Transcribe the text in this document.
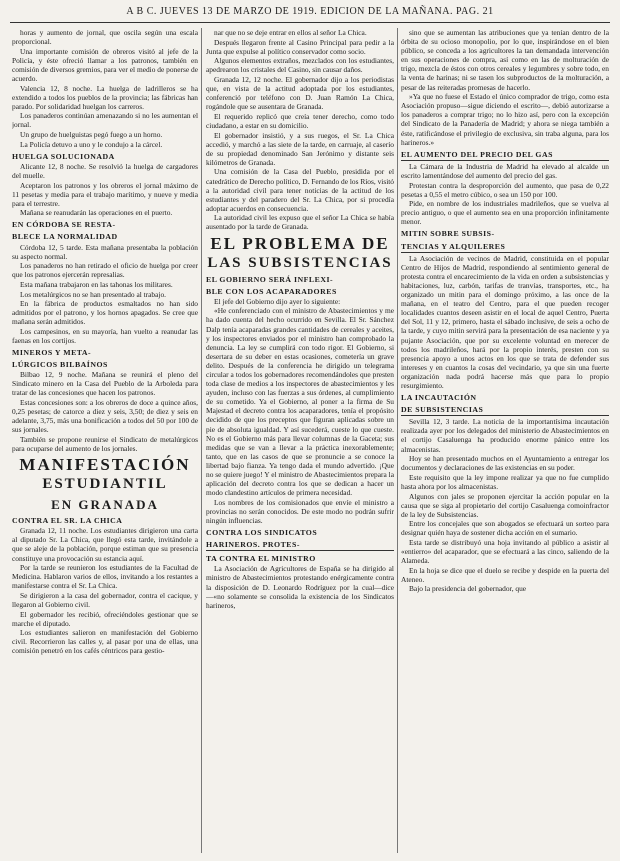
A B C. JUEVES 13 DE MARZO DE 1919. EDICION DE LA MAÑANA. PAG. 21

horas y aumento de jornal, que oscila según una escala proporcional.

Una importante comisión de obreros visitó al jefe de la Policía, y éste ofreció llamar a los patronos, también en comisión de diversos gremios, para ver el medio de ponerse de acuerdo.

Valencia 12, 8 noche. La huelga de ladrilleros se ha extendido a todos los pueblos de la provincia; las fábricas han parado. Por solidaridad huelgan los carreros.

Los panaderos continúan amenazando si no les aumentan el jornal.

Un grupo de huelguistas pegó fuego a un horno.

La Policía detuvo a uno y le condujo a la cárcel.

HUELGA SOLUCIONADA

Alicante 12, 8 noche. Se resolvió la huelga de cargadores del muelle.

Aceptaron los patronos y los obreros el jornal máximo de 11 pesetas y media para el trabajo marítimo, y nueve y media para el terrestre.

Mañana se reanudarán las operaciones en el puerto.

EN CÓRDOBA SE RESTA-

BLECE LA NORMALIDAD

Córdoba 12, 5 tarde. Esta mañana presentaba la población su aspecto normal.

Los panaderos no han retirado el oficio de huelga por creer que los patronos ejercerán represalias.

Esta mañana trabajaron en las tahonas los militares.

Los metalúrgicos no se han presentado al trabajo.

En la fábrica de productos esmaltados no han sido admitidos por el patrono, y los hornos apagados. Se cree que mañana serán admitidos.

Los campesinos, en su mayoría, han vuelto a reanudar las faenas en los cortijos.

MINEROS Y META-

LÚRGICOS BILBAÍNOS

Bilbao 12, 9 noche. Mañana se reunirá el pleno del Sindicato minero en la Casa del Pueblo de la Arboleda para tratar de las concesiones que hacen los patronos.

Estas concesiones son: a los obreros de doce a quince años, 0,25 pesetas; de catorce a diez y seis, 3,50; de diez y seis en adelante, 3,75, más una bonificación a todos del 50 por 100 de sus jornales.

También se propone reunirse el Sindicato de metalúrgicos para ocuparse del aumento de los jornales.

MANIFESTACIÓN

ESTUDIANTIL

EN GRANADA

CONTRA EL SR. LA CHICA

Granada 12, 11 noche. Los estudiantes dirigieron una carta al diputado Sr. La Chica, que llegó esta tarde, invitándole a que se aleje de la población, porque estiman que su presencia constituye una provocación su estancia aquí.

Por la tarde se reunieron los estudiantes de la Facultad de Medicina. Hablaron varios de ellos, invitando a los restantes a manifestarse contra el Sr. La Chica.

Se dirigieron a la casa del gobernador, contra el cacique, y llegaron al Gobierno civil.

El gobernador les recibió, ofreciéndoles gestionar que se marche el diputado.

Los estudiantes salieron en manifestación del Gobierno civil. Recorrieron las calles y, al pasar por una de ellas, una comisión penetró en los cafés céntricos para gestio-

nar que no se deje entrar en ellos al señor La Chica.

Después llegaron frente al Casino Principal para pedir a la Junta que expulse al político conservador como socio.

Algunos elementos extraños, mezclados con los estudiantes, apedrearon los cristales del Casino, sin causar daños.

Granada 12, 12 noche. El gobernador dijo a los periodistas que, en vista de la actitud adoptada por los estudiantes, conferenció por teléfono con D. Juan Ramón La Chica, rogándole que se ausentara de Granada.

El requerido replicó que creía tener derecho, como todo ciudadano, a estar en su domicilio.

El gobernador insistió, y a sus ruegos, el Sr. La Chica accedió, y marchó a las siete de la tarde, en carruaje, al caserío de su propiedad denominado San Jerónimo y distante seis kilómetros de Granada.

Una comisión de la Casa del Pueblo, presidida por el catedrático de Derecho político, D. Fernando de los Ríos, visitó a la autoridad civil para tener noticias de la actitud de los estudiantes y del paradero del Sr. La Chica, por si procedía adoptar acuerdos en consecuencia.

La autoridad civil les expuso que el señor La Chica se había ausentado por la tarde de Granada.

EL PROBLEMA DE

LAS SUBSISTENCIAS

EL GOBIERNO SERÁ INFLEXI-

BLE CON LOS ACAPARADORES

El jefe del Gobierno dijo ayer lo siguiente:

«He conferenciado con el ministro de Abastecimientos y me ha dado cuenta del hecho ocurrido en Sevilla. El Sr. Sánchez Dalp tenía acaparadas grandes cantidades de cereales y aceites, y los inspectores enviados por el ministro han comprobado la denuncia. La ley se cumplirá con todo rigor. El Gobierno, si desertara de su deber en estas ocasiones, cometería un grave delito. Después de la conferencia he dirigido un telegrama circular a todos los gobernadores recomendándoles que presten toda clase de medios a los inspectores de abastecimientos y les ayuden, incluso con las fuerzas a sus órdenes, al cumplimiento de su cometido. Ya el Gobierno, al poner a la firma de Su Majestad el decreto contra los acaparadores, tenía el propósito decidido de que los preceptos que figuran aplicadas sobre un pie de absoluta igualdad. Y así sucederá, cueste lo que cueste. No es el Gobierno más para llevar columnas de la Gaceta; sus medidas que se van a llevar a la práctica inexorablemente; tanto, que en las casos de que se pronuncie a se conoce la libertad bajo fianza. Ya tengo dada el mundo advertido. ¡Que no se quiere juego! Y el ministro de Abastecimientos prepara la aplicación del decreto contra los que se dedican a hacer un modo clandestino artículos de primera necesidad.

Los nombres de los comisionados que envíe el ministro a provincias no serán conocidos. De este modo no podrán sufrir ningún influencias.

CONTRA LOS SINDICATOS

HARINEROS. PROTES-

TA CONTRA EL MINISTRO

La Asociación de Agricultores de España se ha dirigido al ministro de Abastecimientos protestando enérgicamente contra la disposición de D. Leonardo Rodríguez por la cual—dice—«no solamente se consolida la existencia de los Sindicatos harineros,

sino que se aumentan las atribuciones que ya tenían dentro de la órbita de su ocioso monopolio, por lo que, inspirándose en el bien público, se conceda a los agricultores la tan demandada intervención en sus operaciones de compra, así como en las de molturación de trigo, mezcla de éstos con otros cereales y legumbres y sobre todo, en la venta de harinas; ni se tasen los subproductos de la molturación, a pesar de las reiteradas promesas de hacerlo.

»Ya que no fuese el Estado el único comprador de trigo, como esta Asociación propuso—sigue diciendo el escrito—, debió autorizarse a los panaderos a comprar trigo; no lo hizo así, pero con la excepción del Sindicato de la Panadería de Madrid; y ahora se niega también a éste, ratificándose el privilegio de exclusiva, sin traba alguna, para los harineros.»

EL AUMENTO DEL PRECIO DEL GAS

La Cámara de la Industria de Madrid ha elevado al alcalde un escrito lamentándose del aumento del precio del gas.

Protestan contra la desproporción del aumento, que pasa de 0,22 pesetas a 0,55 el metro cúbico, o sea un 150 por 100.

Pide, en nombre de los industriales madrileños, que se vuelva al precio antiguo, o que el aumento sea en una proporción infinitamente menor.

MITIN SOBRE SUBSIS-

TENCIAS Y ALQUILERES

La Asociación de vecinos de Madrid, constituida en el popular Centro de Hijos de Madrid, respondiendo al sentimiento general de protesta contra el encarecimiento de la vida en orden a subsistencias y habitaciones, luz, carbón, tarifas de tranvías, transportes, etc., ha organizado un mitin para el domingo próximo, a las once de la mañana, en el teatro del Centro, para el que pueden recoger localidades cuantos deseen asistir en el local de aquel Centro, Puerta del Sol, 11 y 12, primero, hasta el sábado inclusive, de seis a ocho de la tarde, y cuyo mitin servirá para la presentación de esa naciente y ya pujante Asociación, que por su excelente voluntad en merecer de todos los madrileños, hará por la propio interés, presten con su presencia apoyo a unos actos en los que se trata de defender sus intereses y en cuantos la cosas del vecindario, ya que sin una fuerte organización nada podrá hacerse más que para lo propio resurgimiento.

LA INCAUTACIÓN

DE SUBSISTENCIAS

Sevilla 12, 3 tarde. La noticia de la importantísima incautación realizada ayer por los delegados del ministerio de Abastecimientos en el cortijo Casaluenga ha producido enorme pánico entre los almacenistas.

Hoy se han presentado muchos en el Ayuntamiento a entregar los documentos y declaraciones de las existencias en su poder.

Este requisito que la ley impone realizar ya que no fue cumplido hasta ahora por los almacenistas.

Algunos con jales se proponen ejercitar la acción popular en la causa que se siga al propietario del cortijo Casaluenga comoinfractor de la ley de Subsistencias.

Entre los concejales que son abogados se efectuará un sorteo para designar quién haya de sostener dicha acción en el sumario.

Esta tarde se distribuyó una hoja invitando al público a asistir al «entierro» del acaparador, que se efectuará a las cinco, saliendo de la Alameda.

En la hoja se dice que el duelo se recibe y despide en la puerta del Ateneo.

Bajo la presidencia del gobernador, que
